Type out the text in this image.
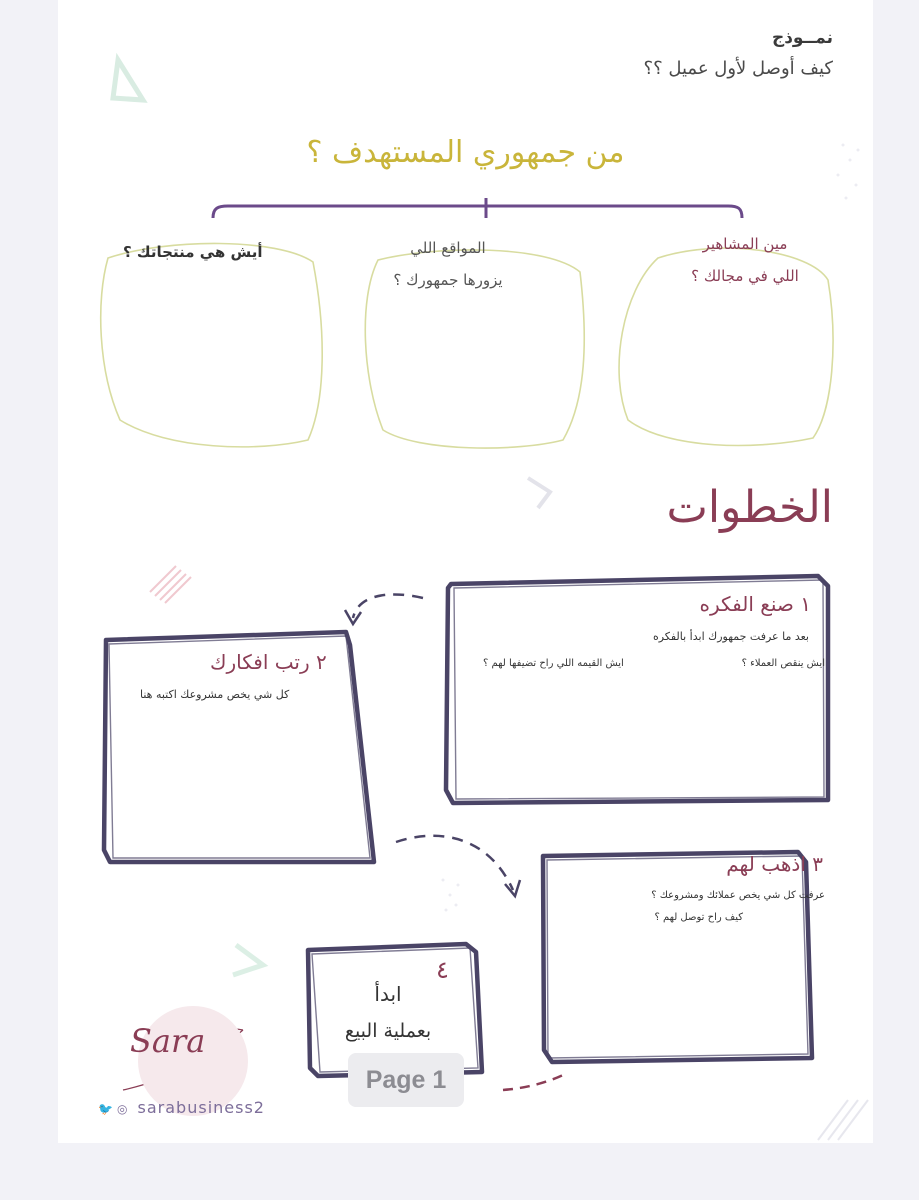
نمــوذج
كيف أوصل لأول عميل ؟؟
من جمهوري المستهدف ؟
مين المشاهير
اللي في مجالك ؟
المواقع اللي
يزورها جمهورك ؟
أيش هي منتجاتك ؟
الخطوات
١ صنع الفكره
بعد ما عرفت جمهورك ابدأ بالفكره
ايش ينقص العملاء ؟
ايش القيمه اللي راح تضيفها لهم ؟
٢ رتب افكارك
كل شي يخص مشروعك اكتبه هنا
٣ اذهب لهم
عرفت كل شي يخص عملائك ومشروعك ؟
كيف راح توصل لهم ؟
٤
ابدأ
بعملية البيع
Sara
🐦 ◎ sarabusiness2
Page 1
